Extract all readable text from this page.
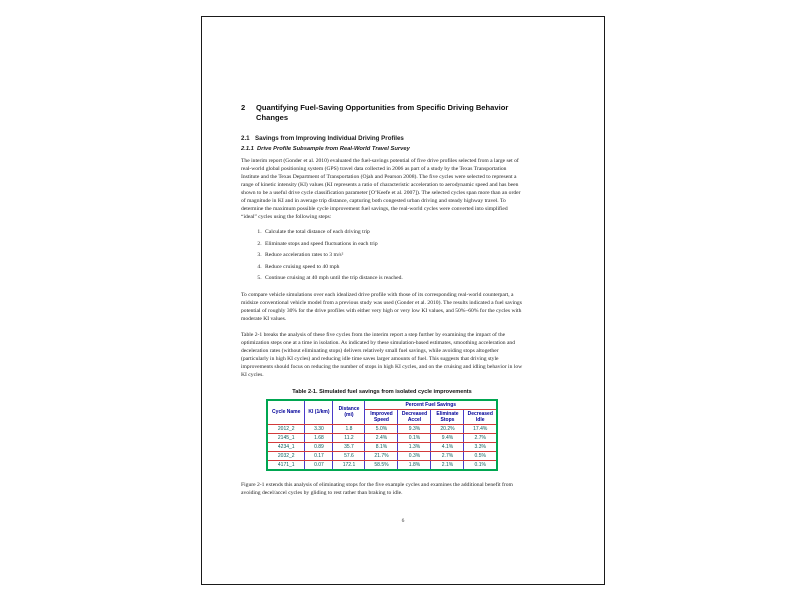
2	Quantifying Fuel-Saving Opportunities from Specific Driving Behavior Changes
2.1 Savings from Improving Individual Driving Profiles
2.1.1 Drive Profile Subsample from Real-World Travel Survey

The interim report (Gonder et al. 2010) evaluated the fuel-savings potential of five drive profiles selected from a large set of real-world global positioning system (GPS) travel data collected in 2006 as part of a study by the Texas Transportation Institute and the Texas Department of Transportation (Ojah and Pearson 2008). The five cycles were selected to represent a range of kinetic intensity (KI) values (KI represents a ratio of characteristic acceleration to aerodynamic speed and has been shown to be a useful drive cycle classification parameter [O’Keefe et al. 2007]). The selected cycles span more than an order of magnitude in KI and in average trip distance, capturing both congested urban driving and steady highway travel. To determine the maximum possible cycle improvement fuel savings, the real-world cycles were converted into simplified “ideal” cycles using the following steps:

1. Calculate the total distance of each driving trip
2. Eliminate stops and speed fluctuations in each trip
3. Reduce acceleration rates to 3 m/s²
4. Reduce cruising speed to 40 mph
5. Continue cruising at 40 mph until the trip distance is reached.

To compare vehicle simulations over each idealized drive profile with those of its corresponding real-world counterpart, a midsize conventional vehicle model from a previous study was used (Gonder et al. 2010). The results indicated a fuel savings potential of roughly 30% for the drive profiles with either very high or very low KI values, and 50%–60% for the cycles with moderate KI values.

Table 2-1 breaks the analysis of these five cycles from the interim report a step further by examining the impact of the optimization steps one at a time in isolation. As indicated by these simulation-based estimates, smoothing acceleration and deceleration rates (without eliminating stops) delivers relatively small fuel savings, while avoiding stops altogether (particularly in high KI cycles) and reducing idle time saves larger amounts of fuel. This suggests that driving style improvements should focus on reducing the number of stops in high KI cycles, and on the cruising and idling behavior in low KI cycles.

Table 2-1. Simulated fuel savings from isolated cycle improvements
Cycle Name	KI (1/km)	Distance (mi)	Percent Fuel Savings			
			Improved Speed	Decreased Accel	Eliminate Stops	Decreased Idle
2012_2	3.30	1.8	5.0%	9.3%	20.2%	17.4%
2145_1	1.68	11.2	2.4%	0.1%	9.4%	2.7%
4234_1	0.89	35.7	8.1%	1.3%	4.1%	3.3%
2032_2	0.17	57.6	21.7%	0.3%	2.7%	0.5%
4171_1	0.07	172.1	58.5%	1.8%	2.1%	0.1%

Figure 2-1 extends this analysis of eliminating stops for the five example cycles and examines the additional benefit from avoiding decel/accel cycles by gliding to rest rather than braking to idle.

6
